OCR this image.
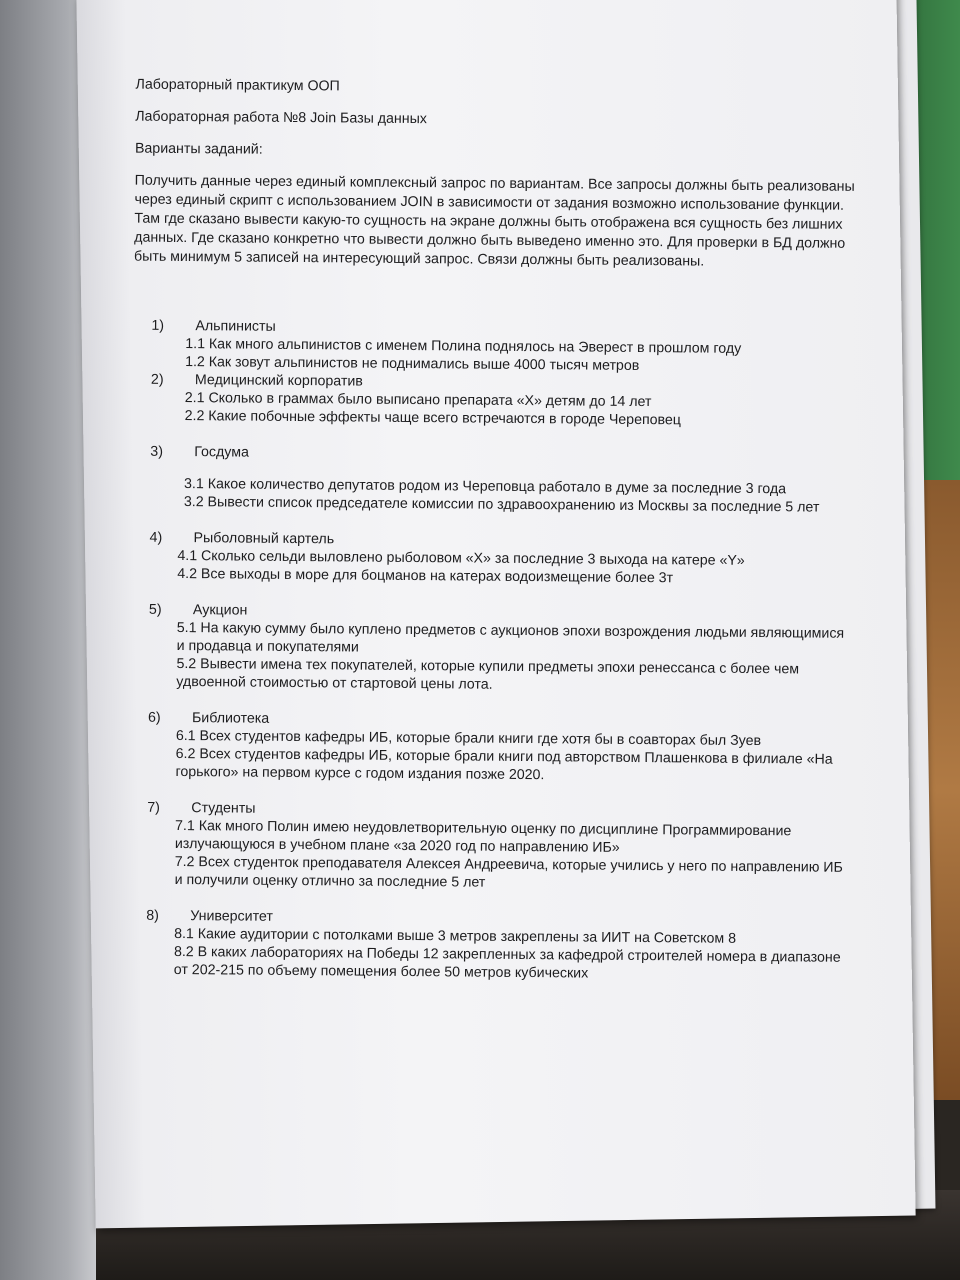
Лабораторный практикум ООП

Лабораторная работа №8 Join Базы данных

Варианты заданий:

Получить данные через единый комплексный запрос по вариантам. Все запросы должны быть реализованы через единый скрипт с использованием JOIN в зависимости от задания возможно использование функции. Там где сказано вывести какую-то сущность на экране должны быть отображена вся сущность без лишних данных. Где сказано конкретно что вывести должно быть выведено именно это. Для проверки в БД должно быть минимум 5 записей на интересующий запрос. Связи должны быть реализованы.

1)	Альпинисты

1.1 Как много альпинистов с именем Полина поднялось на Эверест в прошлом году

1.2 Как зовут альпинистов не поднимались выше 4000 тысяч метров

2)	Медицинский корпоратив

2.1 Сколько в граммах было выписано препарата «X» детям до 14 лет

2.2 Какие побочные эффекты чаще всего встречаются в городе Череповец

3)	Госдума

3.1 Какое количество депутатов родом из Череповца работало в думе за последние 3 года

3.2 Вывести список председателе комиссии по здравоохранению из Москвы за последние 5 лет

4)	Рыболовный картель

4.1 Сколько сельди выловлено рыболовом «X» за последние 3 выхода на катере «Y»

4.2 Все выходы в море для боцманов на катерах водоизмещение более 3т

5)	Аукцион

5.1 На какую сумму было куплено предметов с аукционов эпохи возрождения людьми являющимися и продавца и покупателями

5.2 Вывести имена тех покупателей, которые купили предметы эпохи ренессанса с более чем удвоенной стоимостью от стартовой цены лота.

6)	Библиотека

6.1 Всех студентов кафедры ИБ, которые брали книги где хотя бы в соавторах был Зуев

6.2 Всех студентов кафедры ИБ, которые брали книги под авторством Плашенкова в филиале «На горького» на первом курсе с годом издания позже 2020.

7)	Студенты

7.1 Как много Полин имею неудовлетворительную оценку по дисциплине Программирование излучающуюся в учебном плане «за 2020 год по направлению ИБ»

7.2 Всех студенток преподавателя Алексея Андреевича, которые учились у него по направлению ИБ и получили оценку отлично за последние 5 лет

8)	Университет

8.1 Какие аудитории с потолками выше 3 метров закреплены за ИИТ на Советском 8

8.2 В каких лабораториях на Победы 12 закрепленных за кафедрой строителей номера в диапазоне от 202-215 по объему помещения более 50 метров кубических
